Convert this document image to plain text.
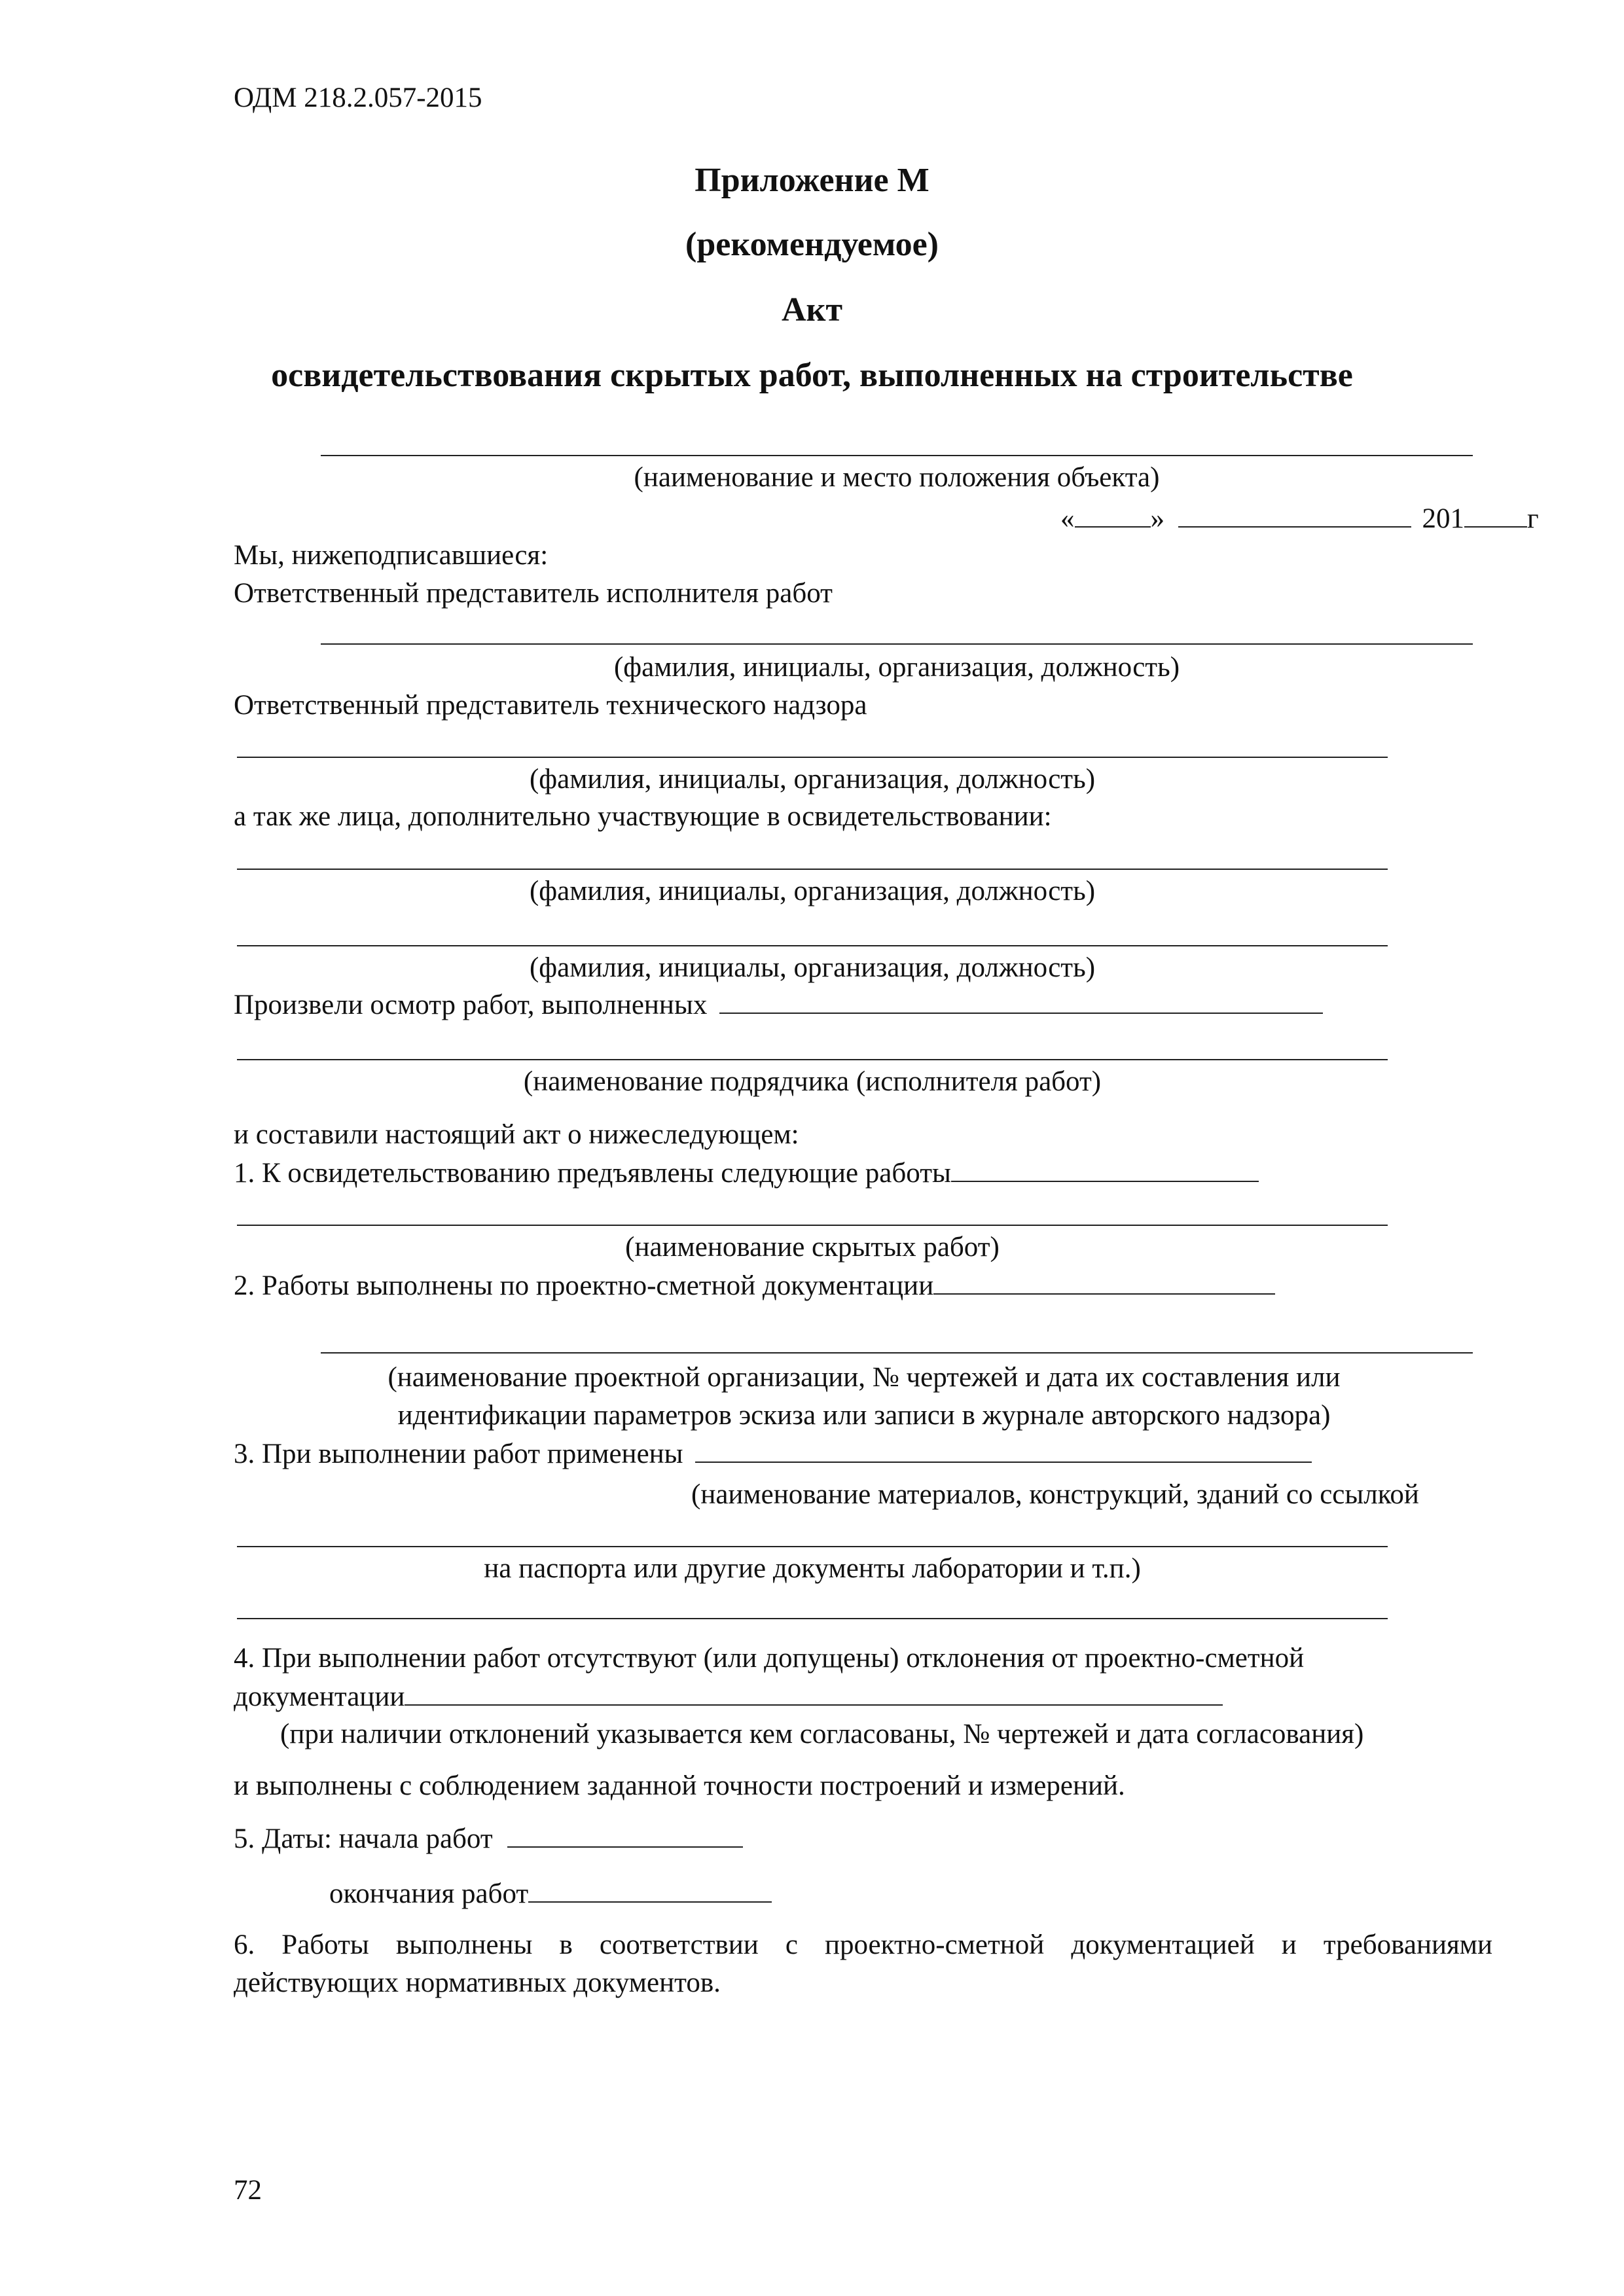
ОДМ 218.2.057-2015
Приложение М
(рекомендуемое)
Акт
освидетельствования скрытых работ, выполненных на строительстве
(наименование и место положения объекта)
«	»	201 г
Мы, нижеподписавшиеся:
Ответственный представитель исполнителя работ
(фамилия, инициалы, организация, должность)
Ответственный представитель технического надзора
(фамилия, инициалы, организация, должность)
а так же лица, дополнительно участвующие в освидетельствовании:
(фамилия, инициалы, организация, должность)
(фамилия, инициалы, организация, должность)
Произвели осмотр работ, выполненных
(наименование подрядчика (исполнителя работ)
и составили настоящий акт о нижеследующем:
1. К освидетельствованию предъявлены следующие работы
(наименование скрытых работ)
2. Работы выполнены по проектно-сметной документации
(наименование проектной организации, № чертежей и дата их составления или
идентификации параметров эскиза или записи в журнале авторского надзора)
3. При выполнении работ применены
(наименование материалов, конструкций, зданий со ссылкой
на паспорта или другие документы лаборатории и т.п.)
4. При выполнении работ отсутствуют (или допущены) отклонения от проектно-сметной
документации
(при наличии отклонений указывается кем согласованы, № чертежей и дата согласования)
и выполнены с соблюдением заданной точности построений и измерений.
5. Даты: начала работ
окончания работ
6. Работы выполнены в соответствии с проектно-сметной документацией и требованиями
действующих нормативных документов.
72
